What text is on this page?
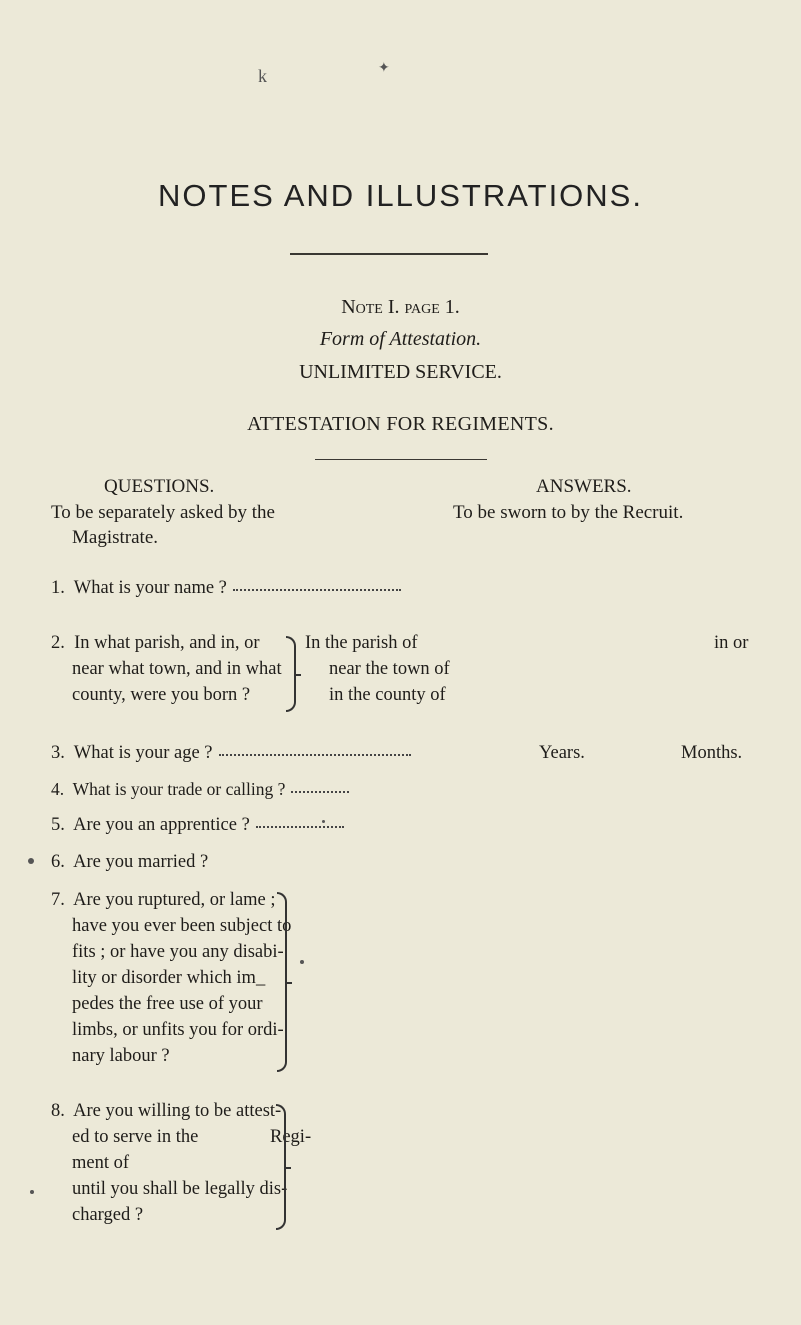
k	✦
NOTES AND ILLUSTRATIONS.
Note I. page 1.
Form of Attestation.
UNLIMITED SERVICE.
ATTESTATION FOR REGIMENTS.
QUESTIONS.
To be separately asked by the
Magistrate.
ANSWERS.
To be sworn to by the Recruit.
1. What is your name ?
2. In what parish, and in, or
near what town, and in what
county, were you born ?
In the parish of	in or
near the town of
in the county of
3. What is your age ?	Years.	Months.
4. What is your trade or calling ?
5. Are you an apprentice ?
6. Are you married ?
7. Are you ruptured, or lame ;
have you ever been subject to
fits ; or have you any disabi-
lity or disorder which im_
pedes the free use of your
limbs, or unfits you for ordi-
nary labour ?
8. Are you willing to be attest-
ed to serve in the	Regi-
ment of
until you shall be legally dis-
charged ?
